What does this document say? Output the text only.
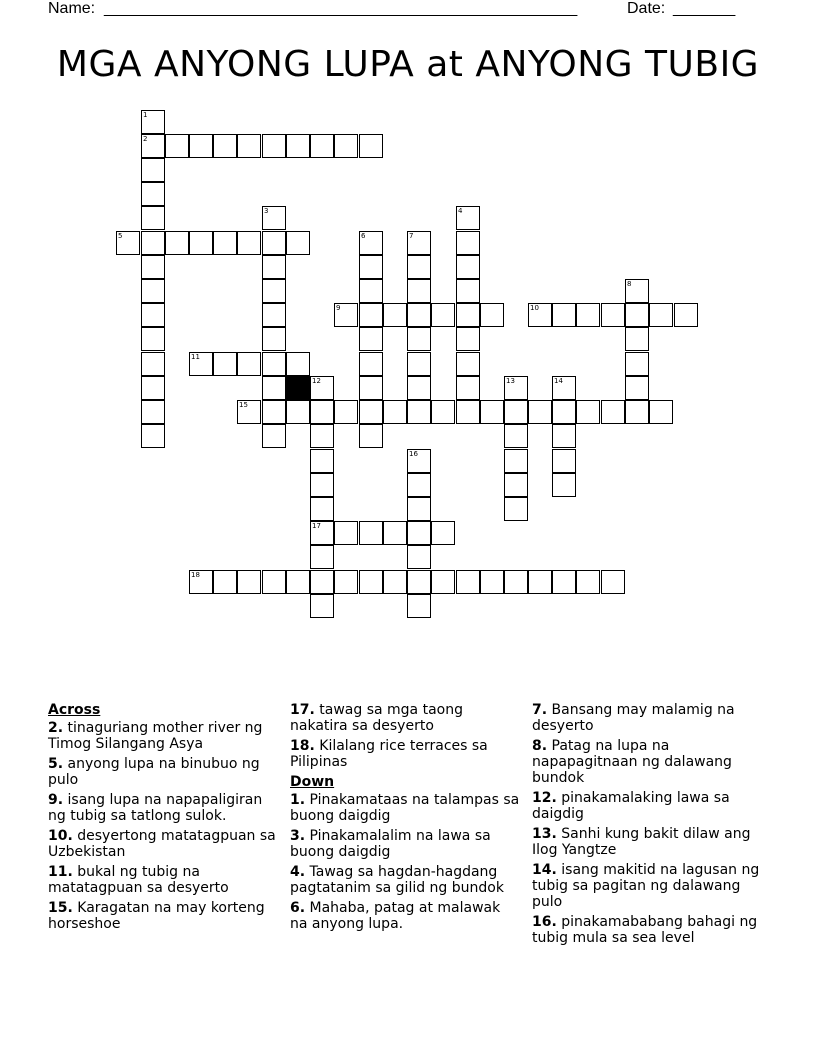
Name: _______________________________________________________	Date: _______
MGA ANYONG LUPA at ANYONG TUBIG
1
2
3	4
5	6	7
8
9	10
11
12	13	14
15
16
17
18
Across
2. tinaguriang mother river ng Timog Silangang Asya
5. anyong lupa na binubuo ng pulo
9. isang lupa na napapaligiran ng tubig sa tatlong sulok.
10. desyertong matatagpuan sa Uzbekistan
11. bukal ng tubig na matatagpuan sa desyerto
15. Karagatan na may korteng horseshoe
17. tawag sa mga taong nakatira sa desyerto
18. Kilalang rice terraces sa Pilipinas
Down
1. Pinakamataas na talampas sa buong daigdig
3. Pinakamalalim na lawa sa buong daigdig
4. Tawag sa hagdan-hagdang pagtatanim sa gilid ng bundok
6. Mahaba, patag at malawak na anyong lupa.
7. Bansang may malamig na desyerto
8. Patag na lupa na napapagitnaan ng dalawang bundok
12. pinakamalaking lawa sa daigdig
13. Sanhi kung bakit dilaw ang Ilog Yangtze
14. isang makitid na lagusan ng tubig sa pagitan ng dalawang pulo
16. pinakamababang bahagi ng tubig mula sa sea level
